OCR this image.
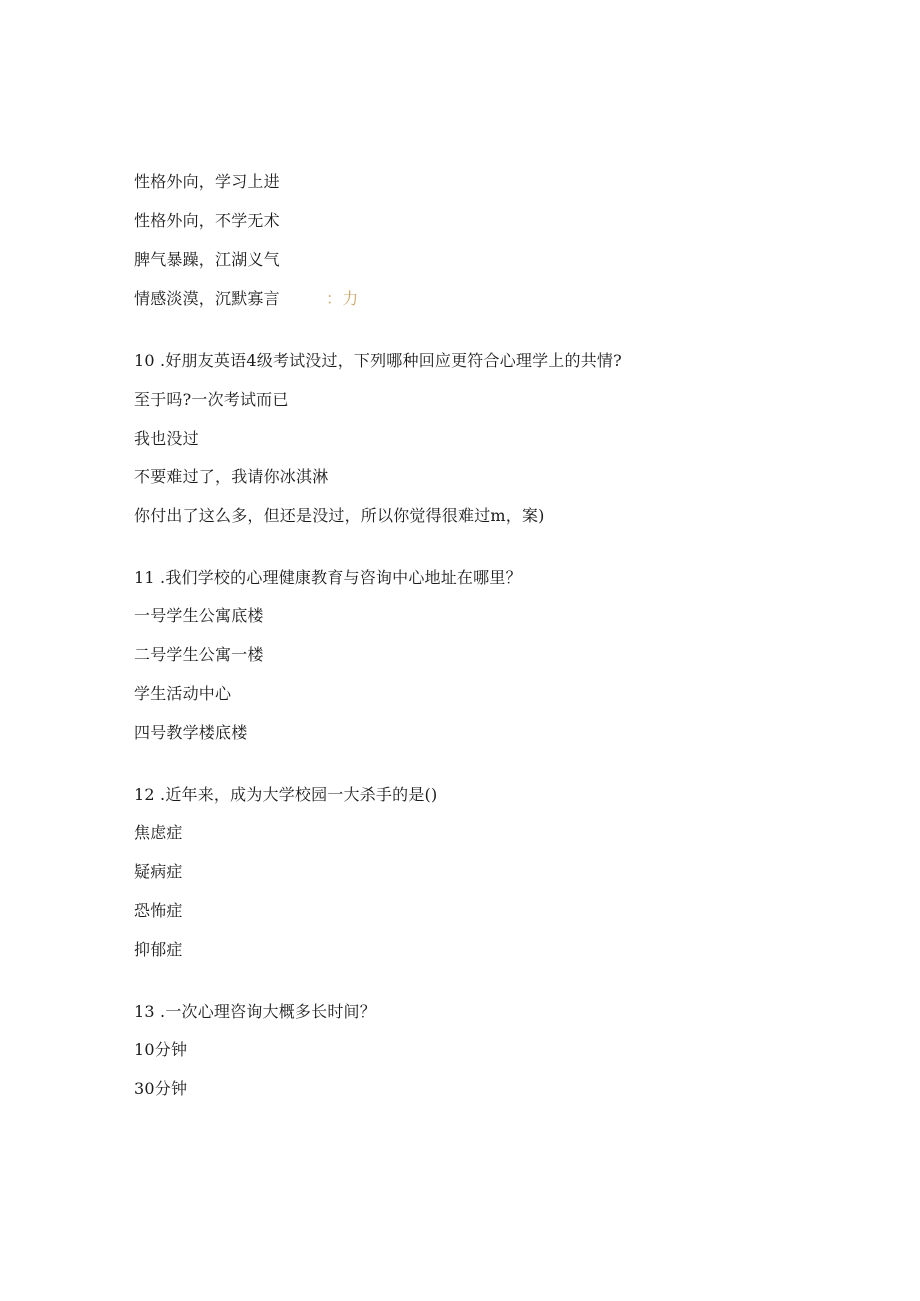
性格外向，学习上进
性格外向，不学无术
脾气暴躁，江湖义气
情感淡漠，沉默寡言	：力
10 .好朋友英语4级考试没过，下列哪种回应更符合心理学上的共情?
至于吗?一次考试而已
我也没过
不要难过了，我请你冰淇淋
你付出了这么多，但还是没过，所以你觉得很难过m，案)
11 .我们学校的心理健康教育与咨询中心地址在哪里？
一号学生公寓底楼
二号学生公寓一楼
学生活动中心
四号教学楼底楼
12 .近年来，成为大学校园一大杀手的是()
焦虑症
疑病症
恐怖症
抑郁症
13 .一次心理咨询大概多长时间？
10分钟
30分钟
